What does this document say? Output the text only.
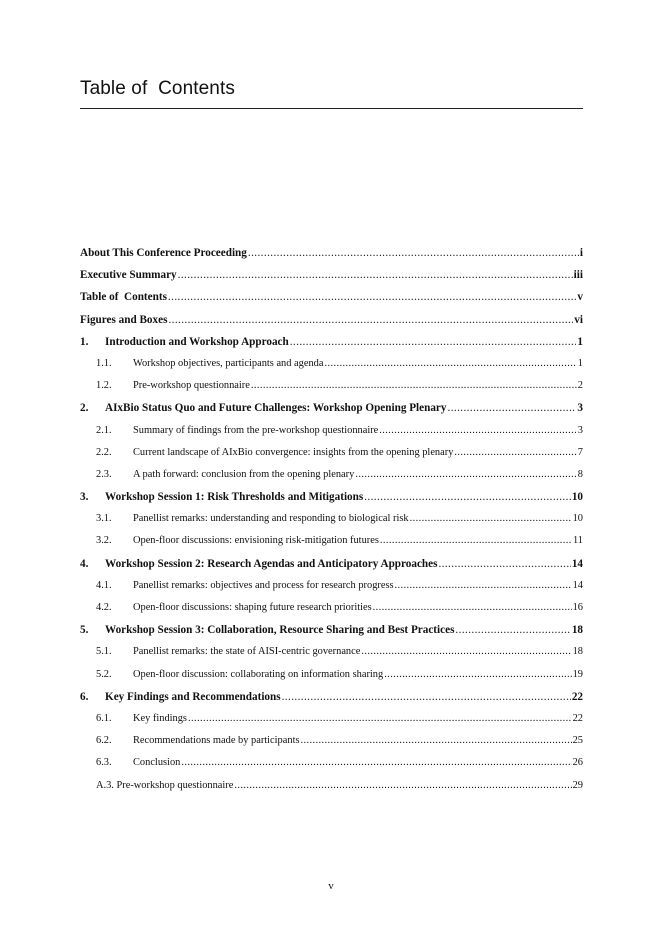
Table of  Contents
About This Conference Proceeding .....	i
Executive Summary .....	iii
Table of  Contents .....	v
Figures and Boxes .....	vi
1.	Introduction and Workshop Approach .....	1
1.1.	Workshop objectives, participants and agenda .....	1
1.2.	Pre-workshop questionnaire .....	2
2.	AIxBio Status Quo and Future Challenges: Workshop Opening Plenary .....	3
2.1.	Summary of findings from the pre-workshop questionnaire .....	3
2.2.	Current landscape of AIxBio convergence: insights from the opening plenary .....	7
2.3.	A path forward: conclusion from the opening plenary .....	8
3.	Workshop Session 1: Risk Thresholds and Mitigations .....	10
3.1.	Panellist remarks: understanding and responding to biological risk .....	10
3.2.	Open-floor discussions: envisioning risk-mitigation futures .....	11
4.	Workshop Session 2: Research Agendas and Anticipatory Approaches .....	14
4.1.	Panellist remarks: objectives and process for research progress .....	14
4.2.	Open-floor discussions: shaping future research priorities .....	16
5.	Workshop Session 3: Collaboration, Resource Sharing and Best Practices .....	18
5.1.	Panellist remarks: the state of AISI-centric governance .....	18
5.2.	Open-floor discussion: collaborating on information sharing .....	19
6.	Key Findings and Recommendations .....	22
6.1.	Key findings .....	22
6.2.	Recommendations made by participants .....	25
6.3.	Conclusion .....	26
A.3. Pre-workshop questionnaire .....	29
v
